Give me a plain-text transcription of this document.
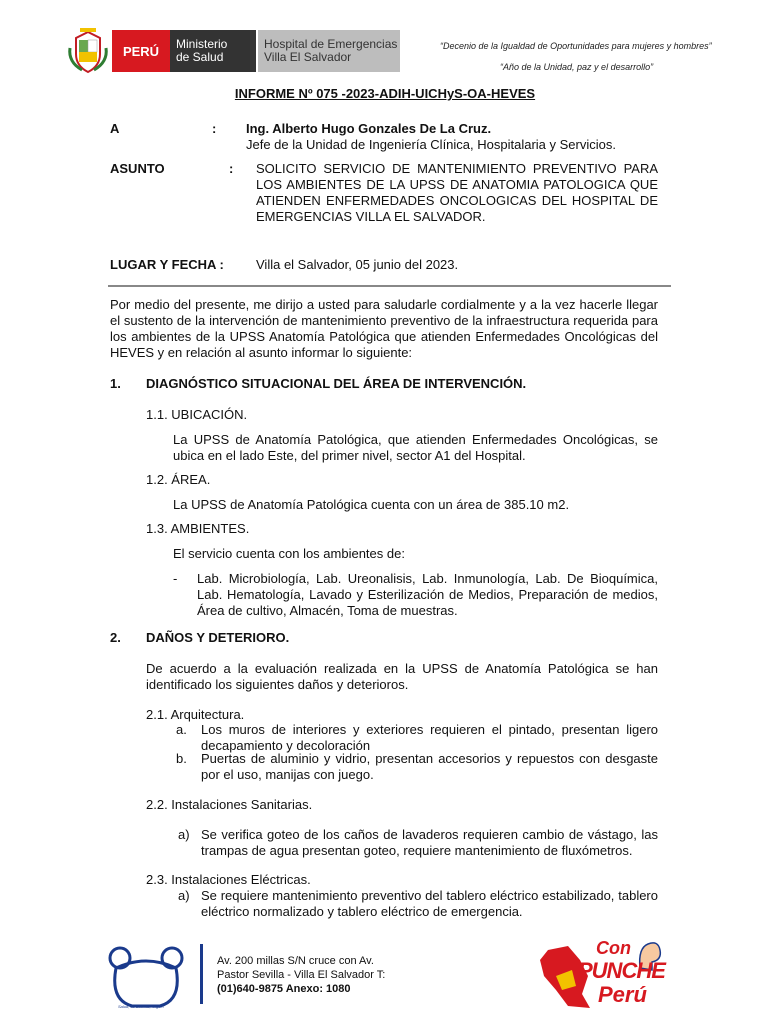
PERÚ	Ministerio
de Salud
Hospital de Emergencias
Villa El Salvador
“Decenio de la Igualdad de Oportunidades para mujeres y hombres”
“Año de la Unidad, paz y el desarrollo”
INFORME Nº 075 -2023-ADIH-UICHyS-OA-HEVES
A	: Ing. Alberto Hugo Gonzales De La Cruz.
Jefe de la Unidad de Ingeniería Clínica, Hospitalaria y Servicios.
ASUNTO	: SOLICITO SERVICIO DE MANTENIMIENTO PREVENTIVO PARA LOS AMBIENTES DE LA UPSS DE ANATOMIA PATOLOGICA QUE ATIENDEN ENFERMEDADES ONCOLOGICAS DEL HOSPITAL DE EMERGENCIAS VILLA EL SALVADOR.
LUGAR Y FECHA : Villa el Salvador, 05 junio del 2023.
Por medio del presente, me dirijo a usted para saludarle cordialmente y a la vez hacerle llegar el sustento de la intervención de mantenimiento preventivo de la infraestructura requerida para los ambientes de la UPSS Anatomía Patológica que atienden Enfermedades Oncológicas del HEVES y en relación al asunto informar lo siguiente:
1. DIAGNÓSTICO SITUACIONAL DEL ÁREA DE INTERVENCIÓN.
1.1. UBICACIÓN.
La UPSS de Anatomía Patológica, que atienden Enfermedades Oncológicas, se ubica en el lado Este, del primer nivel, sector A1 del Hospital.
1.2. ÁREA.
La UPSS de Anatomía Patológica cuenta con un área de 385.10 m2.
1.3. AMBIENTES.
El servicio cuenta con los ambientes de:
- Lab. Microbiología, Lab. Ureonalisis, Lab. Inmunología, Lab. De Bioquímica, Lab. Hematología, Lavado y Esterilización de Medios, Preparación de medios, Área de cultivo, Almacén, Toma de muestras.
2. DAÑOS Y DETERIORO.
De acuerdo a la evaluación realizada en la UPSS de Anatomía Patológica se han identificado los siguientes daños y deterioros.
2.1. Arquitectura.
a. Los muros de interiores y exteriores requieren el pintado, presentan ligero decapamiento y decoloración
b. Puertas de aluminio y vidrio, presentan accesorios y repuestos con desgaste por el uso, manijas con juego.
2.2. Instalaciones Sanitarias.
a) Se verifica goteo de los caños de lavaderos requieren cambio de vástago, las trampas de agua presentan goteo, requiere mantenimiento de fluxómetros.
2.3. Instalaciones Eléctricas.
a) Se requiere mantenimiento preventivo del tablero eléctrico estabilizado, tablero eléctrico normalizado y tablero eléctrico de emergencia.
Salud, de Buenas, Miguel
Av. 200 millas S/N cruce con Av.
Pastor Sevilla - Villa El Salvador T:
(01)640-9875 Anexo: 1080
Con
PUNCHE
Perú
